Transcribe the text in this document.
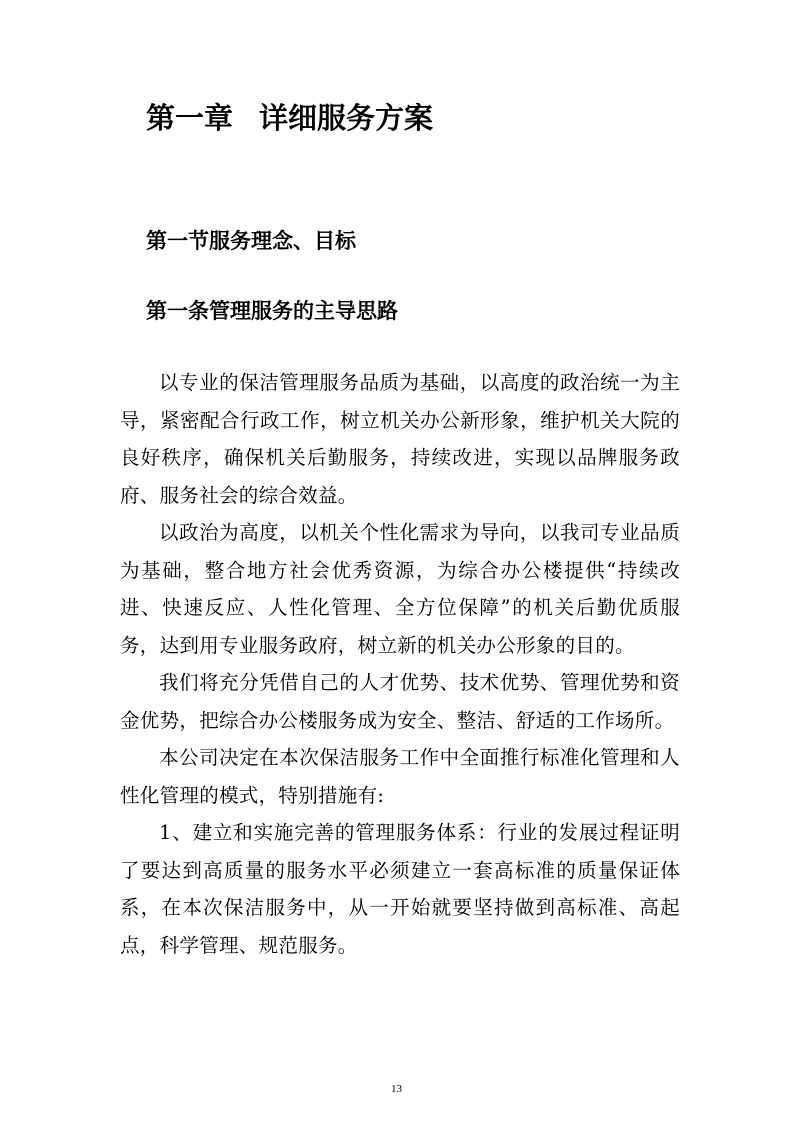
第一章 详细服务方案
第一节服务理念、目标
第一条管理服务的主导思路

以专业的保洁管理服务品质为基础，以高度的政治统一为主导，紧密配合行政工作，树立机关办公新形象，维护机关大院的良好秩序，确保机关后勤服务，持续改进，实现以品牌服务政府、服务社会的综合效益。

以政治为高度，以机关个性化需求为导向，以我司专业品质为基础，整合地方社会优秀资源，为综合办公楼提供“持续改进、快速反应、人性化管理、全方位保障”的机关后勤优质服务，达到用专业服务政府，树立新的机关办公形象的目的。

我们将充分凭借自己的人才优势、技术优势、管理优势和资金优势，把综合办公楼服务成为安全、整洁、舒适的工作场所。

本公司决定在本次保洁服务工作中全面推行标准化管理和人性化管理的模式，特别措施有:

1、建立和实施完善的管理服务体系：行业的发展过程证明了要达到高质量的服务水平必须建立一套高标准的质量保证体系，在本次保洁服务中，从一开始就要坚持做到高标准、高起点，科学管理、规范服务。

13
